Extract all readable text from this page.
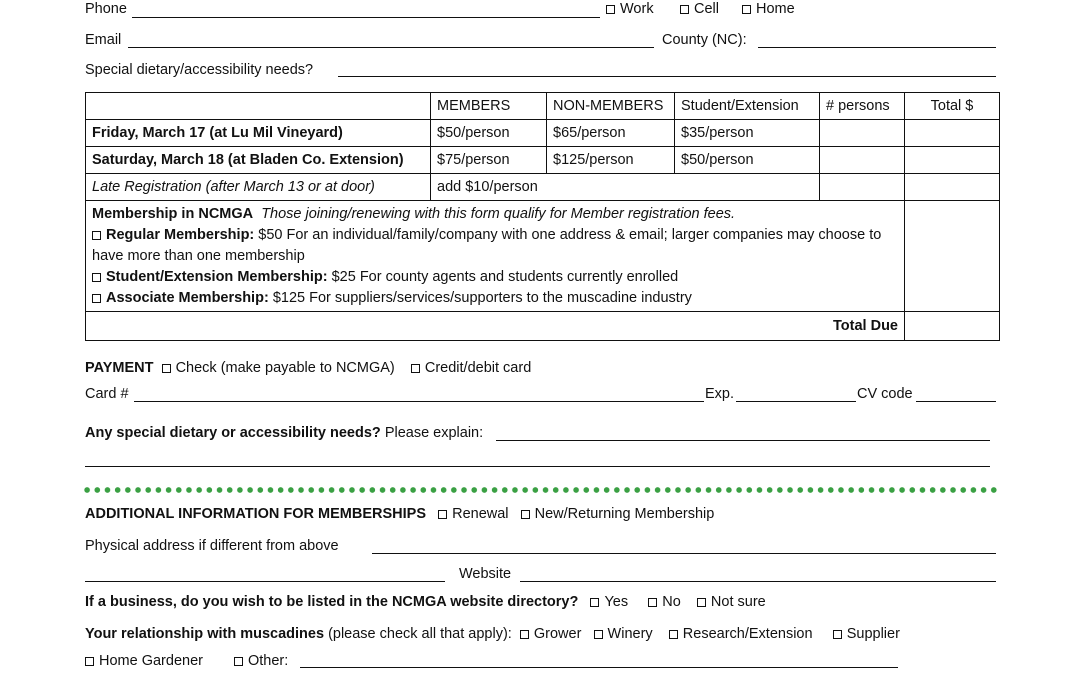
Phone	Work	Cell	Home
Email	County (NC):
Special dietary/accessibility needs?
	MEMBERS	NON-MEMBERS	Student/Extension	# persons	Total $
Friday, March 17 (at Lu Mil Vineyard)	$50/person	$65/person	$35/person		
Saturday, March 18 (at Bladen Co. Extension)	$75/person	$125/person	$50/person		
Late Registration (after March 13 or at door)	add $10/person				

Membership in NCMGA Those joining/renewing with this form qualify for Member registration fees.
Regular Membership: $50 For an individual/family/company with one address & email; larger companies may choose to have more than one membership
Student/Extension Membership: $25 For county agents and students currently enrolled
Associate Membership: $125 For suppliers/services/supporters to the muscadine industry					

Total Due					
PAYMENT Check (make payable to NCMGA) Credit/debit card
Card #	Exp.	CV code
Any special dietary or accessibility needs? Please explain:
ADDITIONAL INFORMATION FOR MEMBERSHIPS Renewal New/Returning Membership
Physical address if different from above
Website
If a business, do you wish to be listed in the NCMGA website directory? Yes No Not sure
Your relationship with muscadines (please check all that apply): Grower Winery Research/Extension Supplier
Home Gardener	Other:
